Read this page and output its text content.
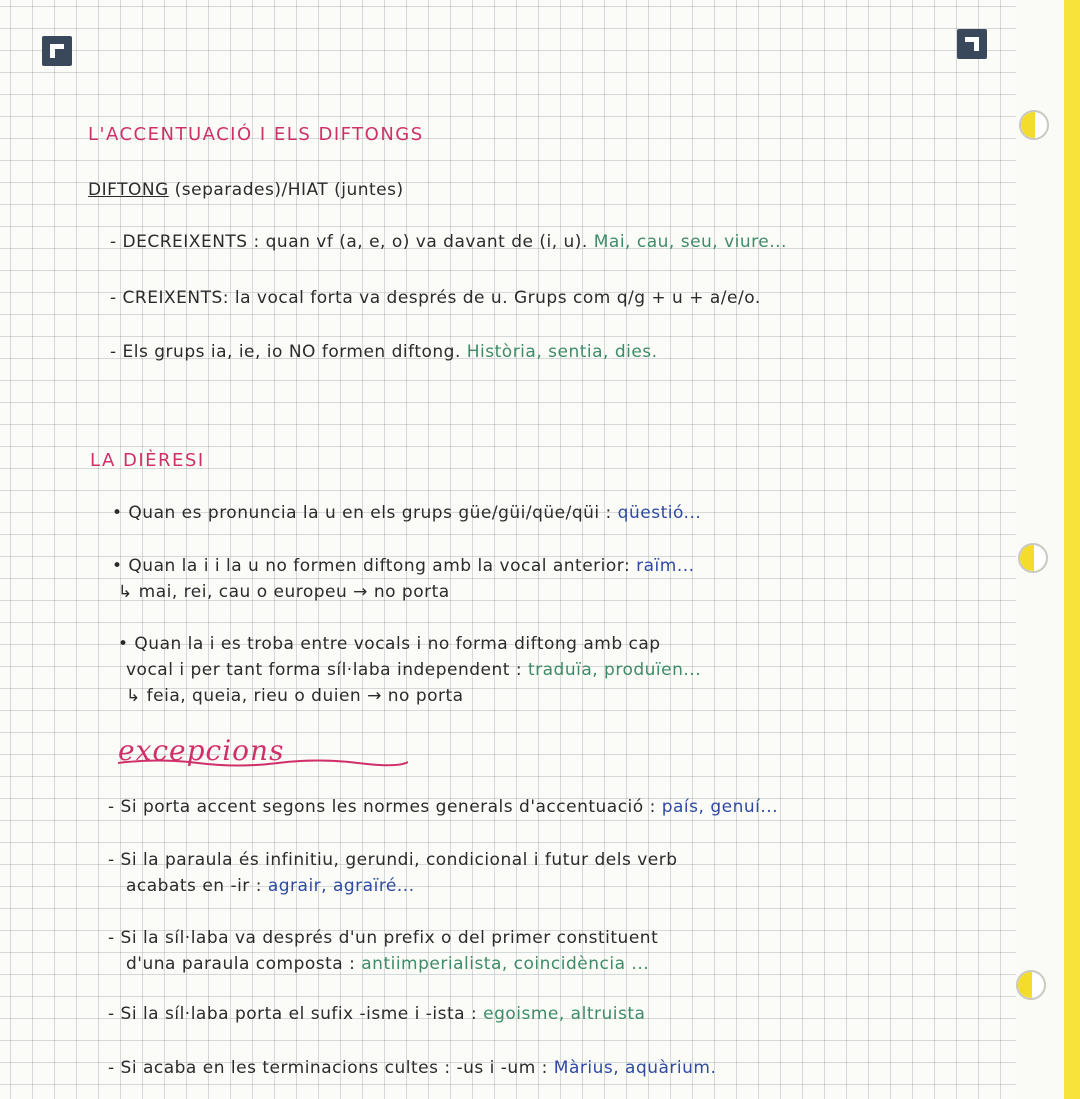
L'ACCENTUACIÓ I ELS DIFTONGS
DIFTONG (separades)/HIAT (juntes)
- DECREIXENTS : quan vf (a, e, o) va davant de (i, u). Mai, cau, seu, viure...
- CREIXENTS: la vocal forta va després de u. Grups com q/g + u + a/e/o.
- Els grups ia, ie, io NO formen diftong. Història, sentia, dies.
LA DIÈRESI
• Quan es pronuncia la u en els grups güe/güi/qüe/qüi : qüestió...
• Quan la i i la u no formen diftong amb la vocal anterior: raïm...
↳ mai, rei, cau o europeu → no porta
• Quan la i es troba entre vocals i no forma diftong amb cap
vocal i per tant forma síl·laba independent : traduïa, produïen...
↳ feia, queia, rieu o duien → no porta
excepcions
- Si porta accent segons les normes generals d'accentuació : país, genuí...
- Si la paraula és infinitiu, gerundi, condicional i futur dels verb
acabats en -ir : agrair, agraïré...
- Si la síl·laba va després d'un prefix o del primer constituent
d'una paraula composta : antiimperialista, coincidència ...
- Si la síl·laba porta el sufix -isme i -ista : egoisme, altruista
- Si acaba en les terminacions cultes : -us i -um : Màrius, aquàrium.
